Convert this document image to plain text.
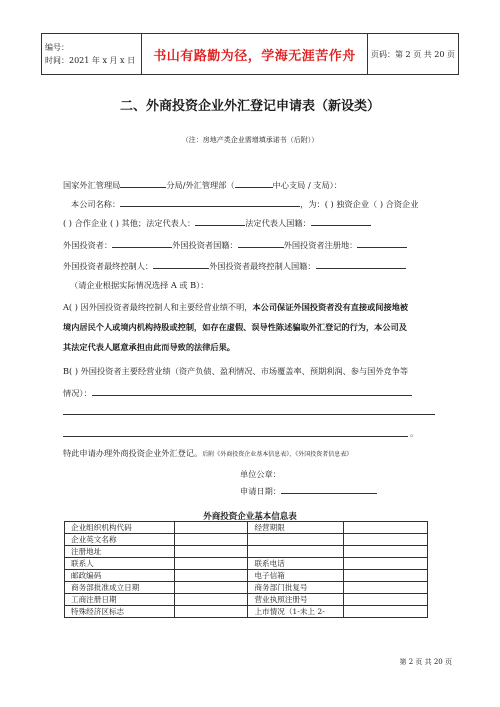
编号：
时间：2021 年 x 月 x 日	书山有路勤为径，学海无涯苦作舟	页码：第 2 页 共 20 页
二、外商投资企业外汇登记申请表（新设类）
（注：房地产类企业需增填承诺书（后附））
国家外汇管理局	分局/外汇管理部（	中心支局 / 支局）：
本公司名称：	，为：( ) 独资企业（ ) 合资企业
( ) 合作企业 ( ) 其他；法定代表人：	法定代表人国籍：
外国投资者：	外国投资者国籍：	外国投资者注册地：
外国投资者最终控制人：	外国投资者最终控制人国籍：
（请企业根据实际情况选择 A 或 B）：
A( ) 因外国投资者最终控制人和主要经营业绩不明，本公司保证外国投资者没有直接或间接地被
境内居民个人或境内机构持股或控制，如存在虚假、误导性陈述骗取外汇登记的行为，本公司及
其法定代表人愿意承担由此而导致的法律后果。
B( ) 外国投资者主要经营业绩（资产负债、盈利情况、市场覆盖率、预期利润、参与国外竞争等
情况）：
。
特此申请办理外商投资企业外汇登记。后附《外商投资企业基本信息表》、《外国投资者信息表》
单位公章：
申请日期：
外商投资企业基本信息表
企业组织机构代码		经营期限	
企业英文名称			
注册地址			
联系人		联系电话	
邮政编码		电子信箱	
商务部批准成立日期		商务部门批复号	
工商注册日期		营业执照注册号	
特殊经济区标志		上市情况（1-未上 2-	
第 2 页 共 20 页
